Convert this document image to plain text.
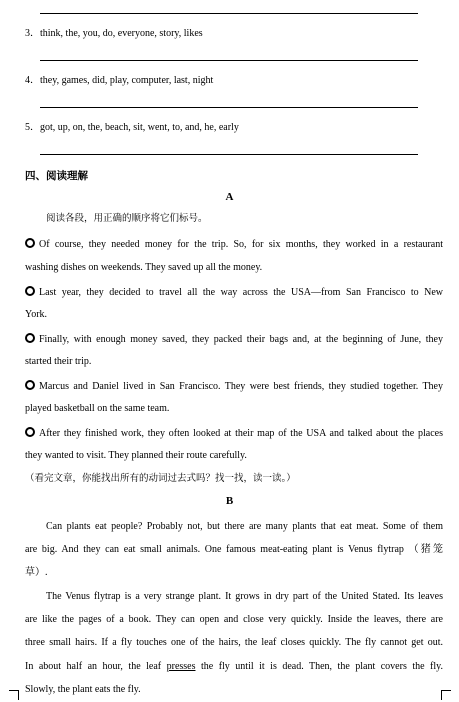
3．think, the, you, do, everyone, story, likes
4．they, games, did, play, computer, last, night
5．got, up, on, the, beach, sit, went, to, and, he, early
四、阅读理解
A
阅读各段，用正确的顺序将它们标号。
Of course, they needed money for the trip. So, for six months, they worked in a restaurant
washing dishes on weekends. They saved up all the money.
Last year, they decided to travel all the way across the USA—from San Francisco to New
York.
Finally, with enough money saved, they packed their bags and, at the beginning of June, they
started their trip.
Marcus and Daniel lived in San Francisco. They were best friends, they studied together. They
played basketball on the same team.
After they finished work, they often looked at their map of the USA and talked about the places
they wanted to visit. They planned their route carefully.
（看完文章，你能找出所有的动词过去式吗？找一找，读一读。）
B
Can plants eat people? Probably not, but there are many plants that eat meat. Some of them
are big. And they can eat small animals. One famous meat-eating plant is Venus flytrap （猪笼
草）.
The Venus flytrap is a very strange plant. It grows in dry part of the United Stated. Its leaves
are like the pages of a book. They can open and close very quickly. Inside the leaves, there are
three small hairs. If a fly touches one of the hairs, the leaf closes quickly. The fly cannot get out.
In about half an hour, the leaf presses the fly until it is dead. Then, the plant covers the fly.
Slowly, the plant eats the fly.
